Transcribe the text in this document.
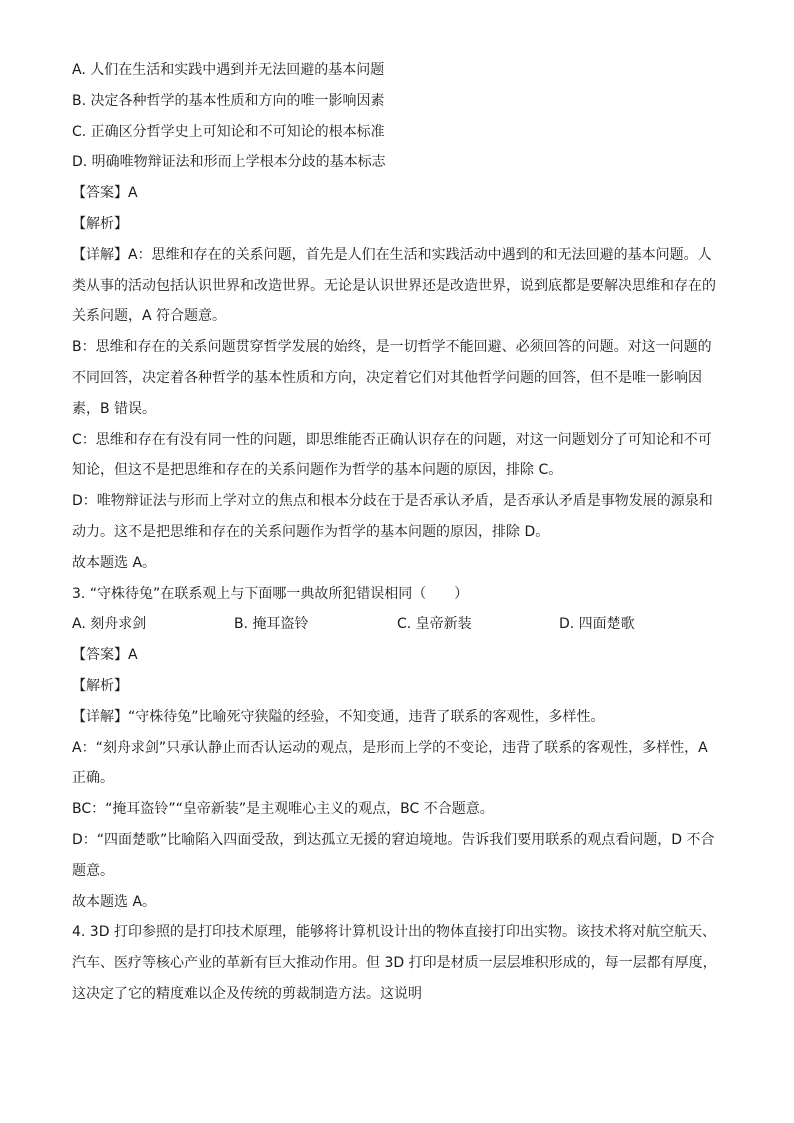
A. 人们在生活和实践中遇到并无法回避的基本问题
B. 决定各种哲学的基本性质和方向的唯一影响因素
C. 正确区分哲学史上可知论和不可知论的根本标准
D. 明确唯物辩证法和形而上学根本分歧的基本标志
【答案】A
【解析】
【详解】A：思维和存在的关系问题，首先是人们在生活和实践活动中遇到的和无法回避的基本问题。人
类从事的活动包括认识世界和改造世界。无论是认识世界还是改造世界，说到底都是要解决思维和存在的
关系问题，A 符合题意。
B：思维和存在的关系问题贯穿哲学发展的始终，是一切哲学不能回避、必须回答的问题。对这一问题的
不同回答，决定着各种哲学的基本性质和方向，决定着它们对其他哲学问题的回答，但不是唯一影响因
素，B 错误。
C：思维和存在有没有同一性的问题，即思维能否正确认识存在的问题，对这一问题划分了可知论和不可
知论，但这不是把思维和存在的关系问题作为哲学的基本问题的原因，排除 C。
D：唯物辩证法与形而上学对立的焦点和根本分歧在于是否承认矛盾，是否承认矛盾是事物发展的源泉和
动力。这不是把思维和存在的关系问题作为哲学的基本问题的原因，排除 D。
故本题选 A。
3. “守株待兔”在联系观上与下面哪一典故所犯错误相同（　　）
A. 刻舟求剑	B. 掩耳盗铃	C. 皇帝新装	D. 四面楚歌
【答案】A
【解析】
【详解】“守株待兔”比喻死守狭隘的经验，不知变通，违背了联系的客观性，多样性。
A：“刻舟求剑”只承认静止而否认运动的观点，是形而上学的不变论，违背了联系的客观性，多样性，A
正确。
BC：“掩耳盗铃”“皇帝新装”是主观唯心主义的观点，BC 不合题意。
D：“四面楚歌”比喻陷入四面受敌，到达孤立无援的窘迫境地。告诉我们要用联系的观点看问题，D 不合
题意。
故本题选 A。
4. 3D 打印参照的是打印技术原理，能够将计算机设计出的物体直接打印出实物。该技术将对航空航天、
汽车、医疗等核心产业的革新有巨大推动作用。但 3D 打印是材质一层层堆积形成的，每一层都有厚度，
这决定了它的精度难以企及传统的剪裁制造方法。这说明
